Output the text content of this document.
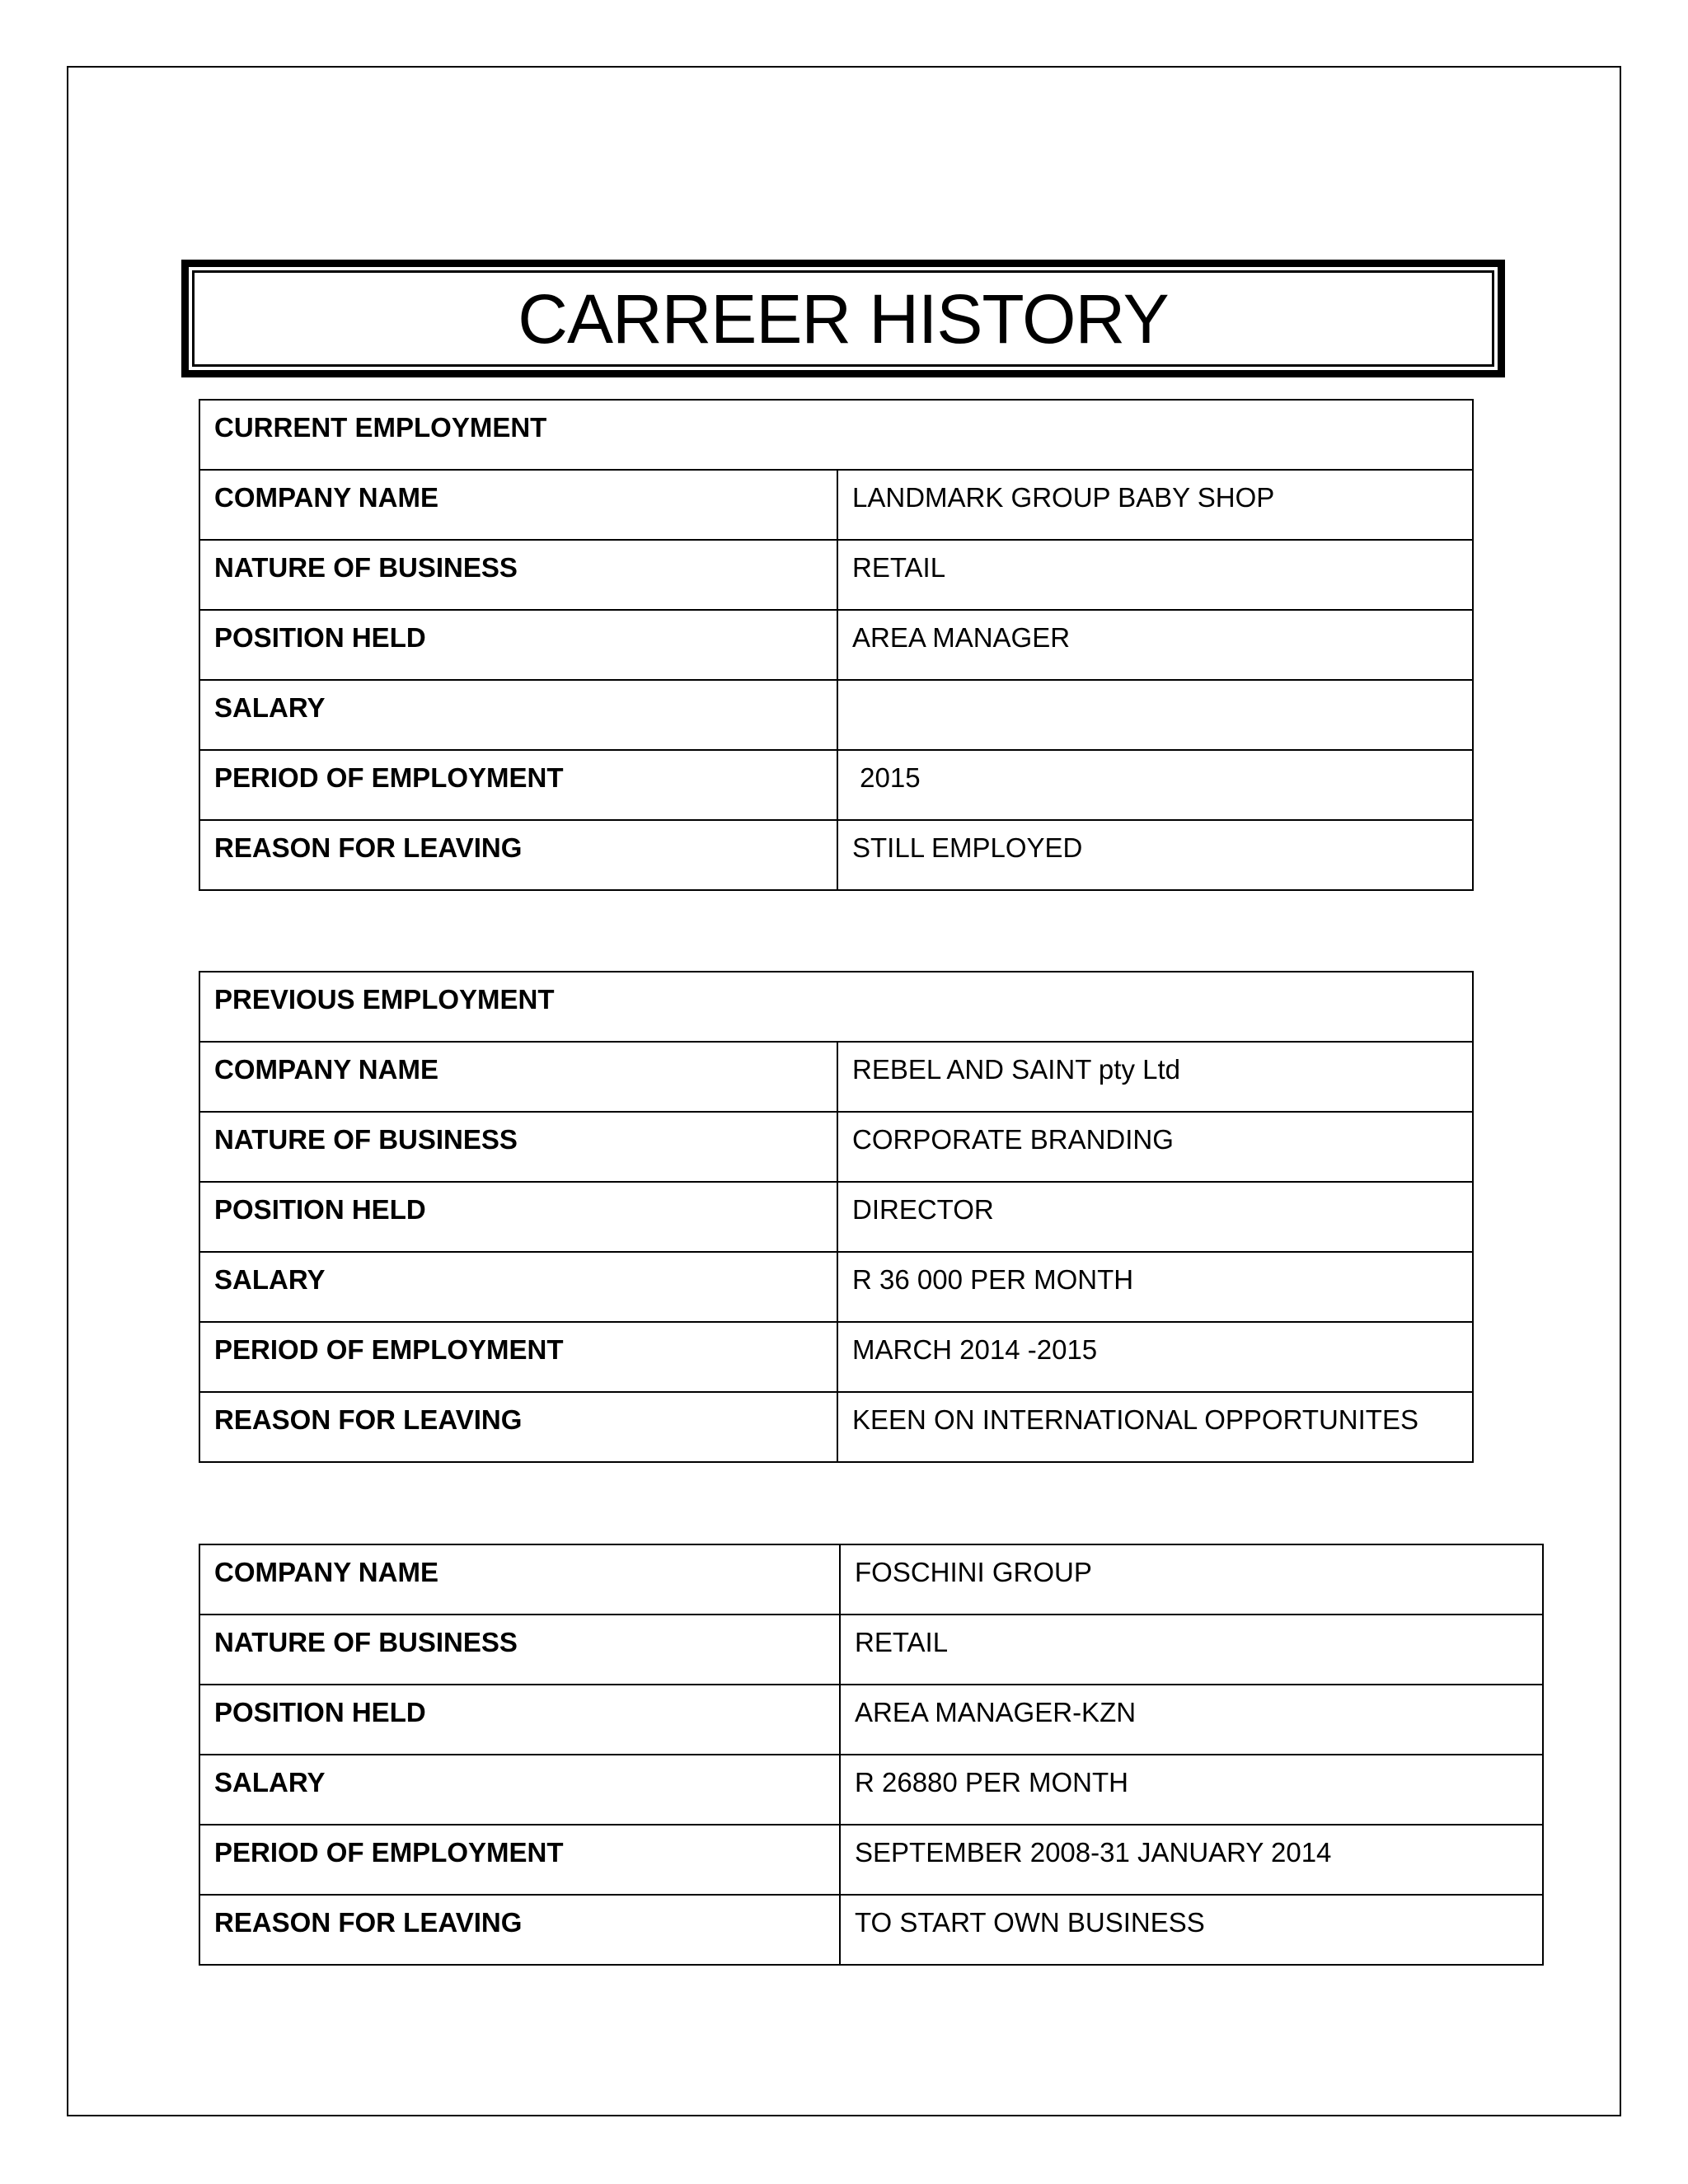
CARREER HISTORY
CURRENT EMPLOYMENT	
COMPANY NAME	LANDMARK GROUP BABY SHOP
NATURE OF BUSINESS	RETAIL
POSITION HELD	AREA MANAGER
SALARY	
PERIOD OF EMPLOYMENT	2015
REASON FOR LEAVING	STILL EMPLOYED
PREVIOUS EMPLOYMENT	
COMPANY NAME	REBEL AND SAINT pty Ltd
NATURE OF BUSINESS	CORPORATE BRANDING
POSITION HELD	DIRECTOR
SALARY	R 36 000 PER MONTH
PERIOD OF EMPLOYMENT	MARCH 2014 -2015
REASON FOR LEAVING	KEEN ON INTERNATIONAL OPPORTUNITES
COMPANY NAME	FOSCHINI GROUP
NATURE OF BUSINESS	RETAIL
POSITION HELD	AREA MANAGER-KZN
SALARY	R 26880 PER MONTH
PERIOD OF EMPLOYMENT	SEPTEMBER 2008-31 JANUARY 2014
REASON FOR LEAVING	TO START OWN BUSINESS
